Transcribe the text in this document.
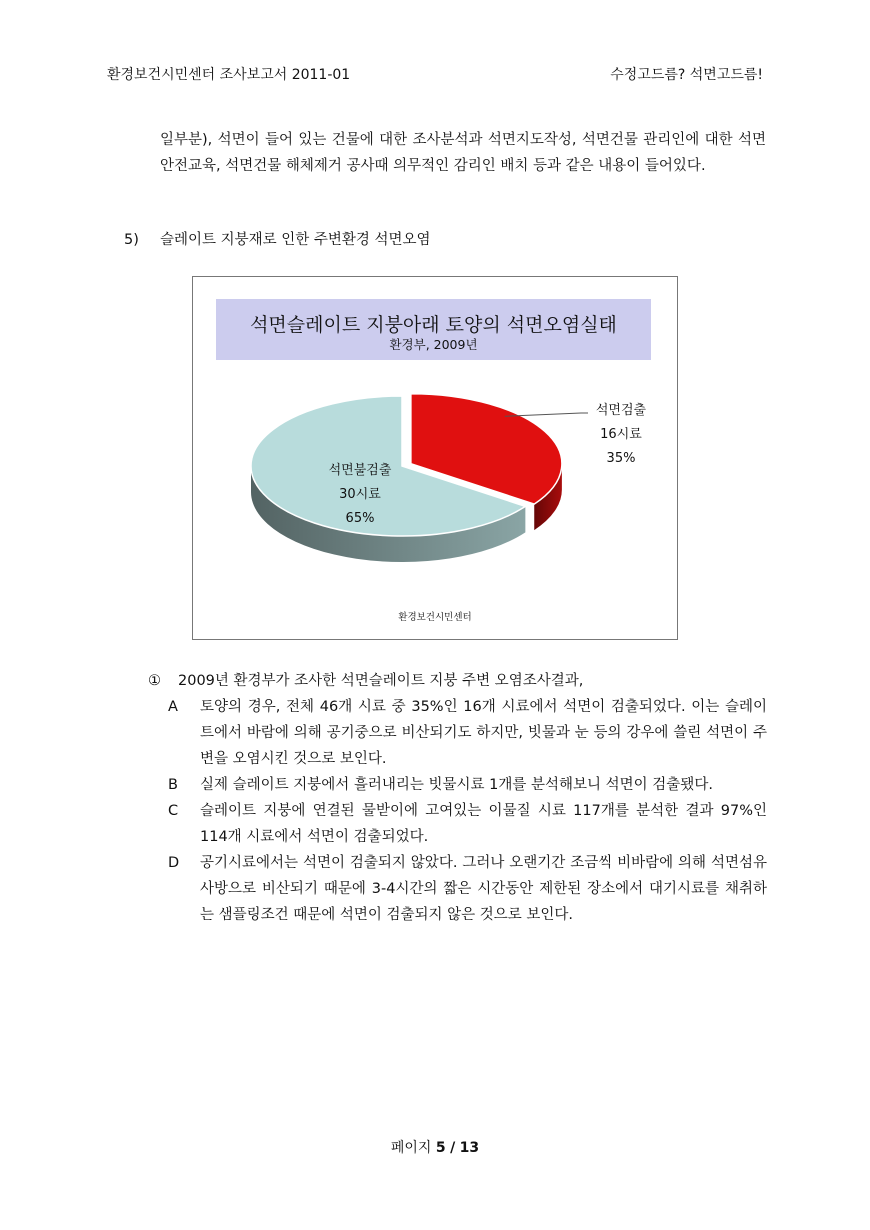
환경보건시민센터 조사보고서 2011-01	수정고드름? 석면고드름!
일부분), 석면이 들어 있는 건물에 대한 조사분석과 석면지도작성, 석면건물 관리인에 대한 석면안전교육, 석면건물 해체제거 공사때 의무적인 감리인 배치 등과 같은 내용이 들어있다.
5) 슬레이트 지붕재로 인한 주변환경 석면오염
석면슬레이트 지붕아래 토양의 석면오염실태
환경부, 2009년
석면검출
16시료
35%
석면불검출
30시료
65%
환경보건시민센터
①	2009년 환경부가 조사한 석면슬레이트 지붕 주변 오염조사결과,
A	토양의 경우, 전체 46개 시료 중 35%인 16개 시료에서 석면이 검출되었다. 이는 슬레이트에서 바람에 의해 공기중으로 비산되기도 하지만, 빗물과 눈 등의 강우에 쓸린 석면이 주변을 오염시킨 것으로 보인다.
B	실제 슬레이트 지붕에서 흘러내리는 빗물시료 1개를 분석해보니 석면이 검출됐다.
C	슬레이트 지붕에 연결된 물받이에 고여있는 이물질 시료 117개를 분석한 결과 97%인 114개 시료에서 석면이 검출되었다.
D	공기시료에서는 석면이 검출되지 않았다. 그러나 오랜기간 조금씩 비바람에 의해 석면섬유 사방으로 비산되기 때문에 3-4시간의 짧은 시간동안 제한된 장소에서 대기시료를 채취하는 샘플링조건 때문에 석면이 검출되지 않은 것으로 보인다.
페이지 5 / 13
